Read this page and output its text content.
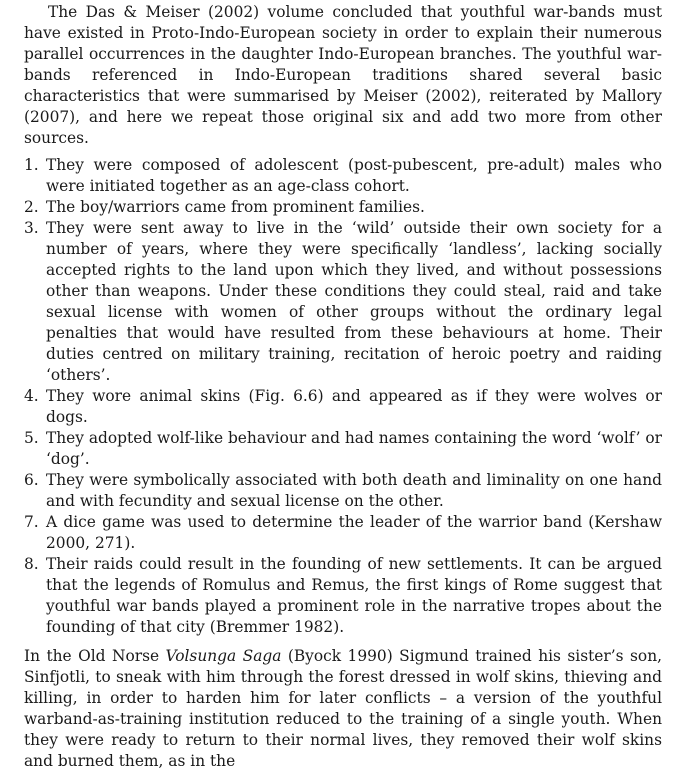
The Das & Meiser (2002) volume concluded that youthful war-bands must have existed in Proto-Indo-European society in order to explain their numerous parallel occurrences in the daughter Indo-European branches. The youthful war-bands referenced in Indo-European traditions shared several basic characteristics that were summarised by Meiser (2002), reiterated by Mallory (2007), and here we repeat those original six and add two more from other sources.

1. They were composed of adolescent (post-pubescent, pre-adult) males who were initiated together as an age-class cohort.
2. The boy/warriors came from prominent families.
3. They were sent away to live in the ‘wild’ outside their own society for a number of years, where they were specifically ‘landless’, lacking socially accepted rights to the land upon which they lived, and without possessions other than weapons. Under these conditions they could steal, raid and take sexual license with women of other groups without the ordinary legal penalties that would have resulted from these behaviours at home. Their duties centred on military training, recitation of heroic poetry and raiding ‘others’.
4. They wore animal skins (Fig. 6.6) and appeared as if they were wolves or dogs.
5. They adopted wolf-like behaviour and had names containing the word ‘wolf’ or ‘dog’.
6. They were symbolically associated with both death and liminality on one hand and with fecundity and sexual license on the other.
7. A dice game was used to determine the leader of the warrior band (Kershaw 2000, 271).
8. Their raids could result in the founding of new settlements. It can be argued that the legends of Romulus and Remus, the first kings of Rome suggest that youthful war bands played a prominent role in the narrative tropes about the founding of that city (Bremmer 1982).

In the Old Norse Volsunga Saga (Byock 1990) Sigmund trained his sister’s son, Sinfjotli, to sneak with him through the forest dressed in wolf skins, thieving and killing, in order to harden him for later conflicts – a version of the youthful warband-as-training institution reduced to the training of a single youth. When they were ready to return to their normal lives, they removed their wolf skins and burned them, as in the
